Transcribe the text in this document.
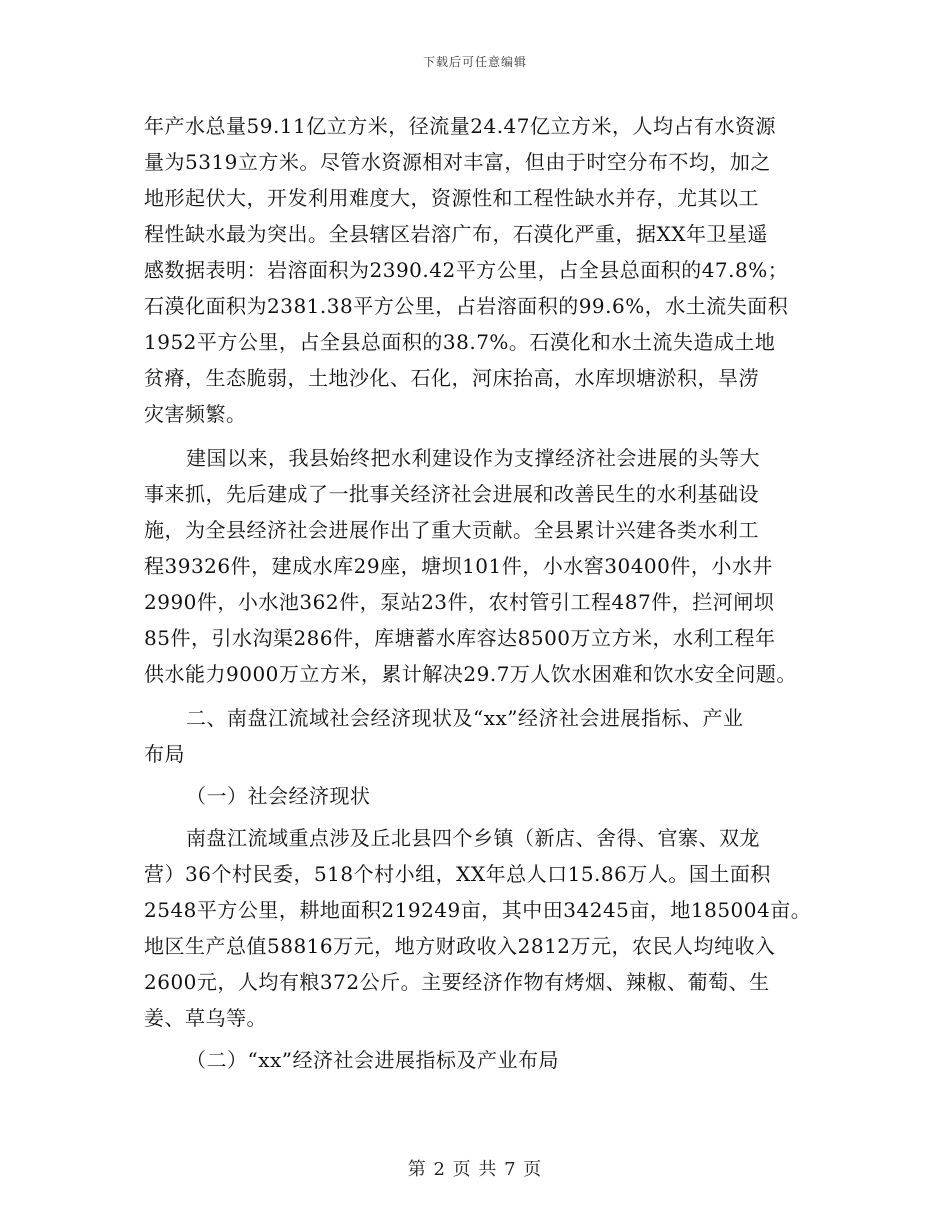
下载后可任意编辑
年产水总量59.11亿立方米，径流量24.47亿立方米，人均占有水资源
量为5319立方米。尽管水资源相对丰富，但由于时空分布不均，加之
地形起伏大，开发利用难度大，资源性和工程性缺水并存，尤其以工
程性缺水最为突出。全县辖区岩溶广布，石漠化严重，据XX年卫星遥
感数据表明：岩溶面积为2390.42平方公里，占全县总面积的47.8%；
石漠化面积为2381.38平方公里，占岩溶面积的99.6%，水土流失面积
1952平方公里，占全县总面积的38.7%。石漠化和水土流失造成土地
贫瘠，生态脆弱，土地沙化、石化，河床抬高，水库坝塘淤积，旱涝
灾害频繁。
建国以来，我县始终把水利建设作为支撑经济社会进展的头等大
事来抓，先后建成了一批事关经济社会进展和改善民生的水利基础设
施，为全县经济社会进展作出了重大贡献。全县累计兴建各类水利工
程39326件，建成水库29座，塘坝101件，小水窖30400件，小水井
2990件，小水池362件，泵站23件，农村管引工程487件，拦河闸坝
85件，引水沟渠286件，库塘蓄水库容达8500万立方米，水利工程年
供水能力9000万立方米，累计解决29.7万人饮水困难和饮水安全问题。
二、南盘江流域社会经济现状及“xx”经济社会进展指标、产业
布局
（一）社会经济现状
南盘江流域重点涉及丘北县四个乡镇（新店、舍得、官寨、双龙
营）36个村民委，518个村小组，XX年总人口15.86万人。国土面积
2548平方公里，耕地面积219249亩，其中田34245亩，地185004亩。
地区生产总值58816万元，地方财政收入2812万元，农民人均纯收入
2600元，人均有粮372公斤。主要经济作物有烤烟、辣椒、葡萄、生
姜、草乌等。
（二）“xx”经济社会进展指标及产业布局
第 2 页 共 7 页
